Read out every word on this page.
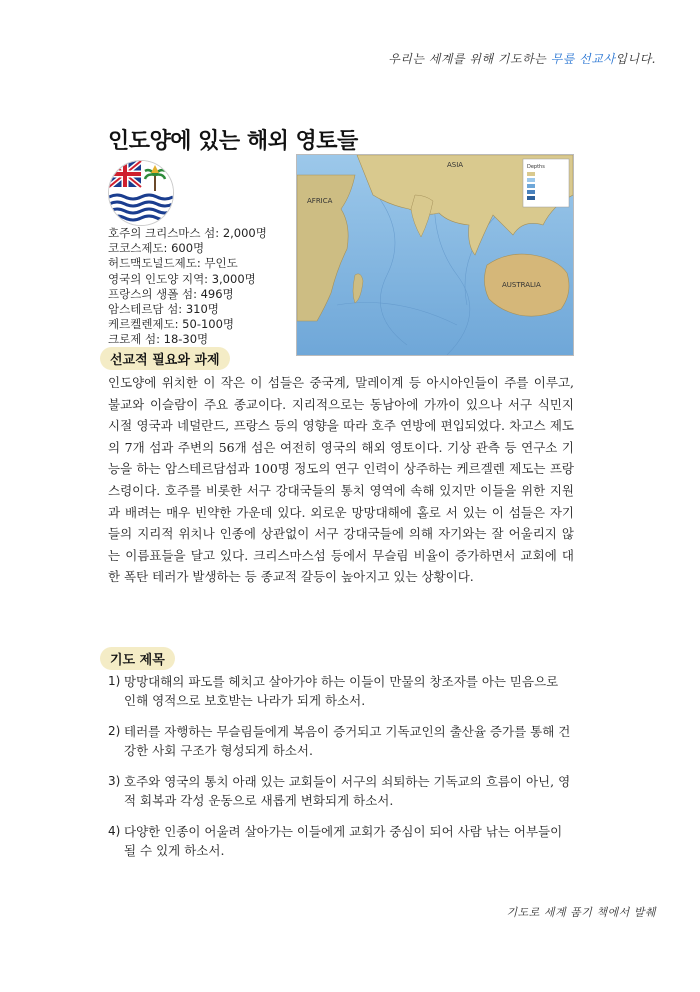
우리는 세계를 위해 기도하는 무릎 선교사입니다.
인도양에 있는 해외 영토들
호주의 크리스마스 섬: 2,000명
코코스제도: 600명
허드맥도널드제도: 무인도
영국의 인도양 지역: 3,000명
프랑스의 생폴 섬: 496명
암스테르담 섬: 310명
케르켈렌제도: 50-100명
크로제 섬: 18-30명
ASIA
AFRICA
AUSTRALIA
Depths
선교적 필요와 과제
인도양에 위치한 이 작은 이 섬들은 중국계, 말레이계 등 아시아인들이 주를 이루고, 불교와 이슬람이 주요 종교이다. 지리적으로는 동남아에 가까이 있으나 서구 식민지 시절 영국과 네덜란드, 프랑스 등의 영향을 따라 호주 연방에 편입되었다. 차고스 제도의 7개 섬과 주변의 56개 섬은 여전히 영국의 해외 영토이다. 기상 관측 등 연구소 기능을 하는 암스테르담섬과 100명 정도의 연구 인력이 상주하는 케르겔렌 제도는 프랑스령이다. 호주를 비롯한 서구 강대국들의 통치 영역에 속해 있지만 이들을 위한 지원과 배려는 매우 빈약한 가운데 있다. 외로운 망망대해에 홀로 서 있는 이 섬들은 자기들의 지리적 위치나 인종에 상관없이 서구 강대국들에 의해 자기와는 잘 어울리지 않는 이름표들을 달고 있다. 크리스마스섬 등에서 무슬림 비율이 증가하면서 교회에 대한 폭탄 테러가 발생하는 등 종교적 갈등이 높아지고 있는 상황이다.
기도 제목
1) 망망대해의 파도를 헤치고 살아가야 하는 이들이 만물의 창조자를 아는 믿음으로 인해 영적으로 보호받는 나라가 되게 하소서.
2) 테러를 자행하는 무슬림들에게 복음이 증거되고 기독교인의 출산율 증가를 통해 건강한 사회 구조가 형성되게 하소서.
3) 호주와 영국의 통치 아래 있는 교회들이 서구의 쇠퇴하는 기독교의 흐름이 아닌, 영적 회복과 각성 운동으로 새롭게 변화되게 하소서.
4) 다양한 인종이 어울려 살아가는 이들에게 교회가 중심이 되어 사람 낚는 어부들이 될 수 있게 하소서.
기도로 세계 품기 책에서 발췌
